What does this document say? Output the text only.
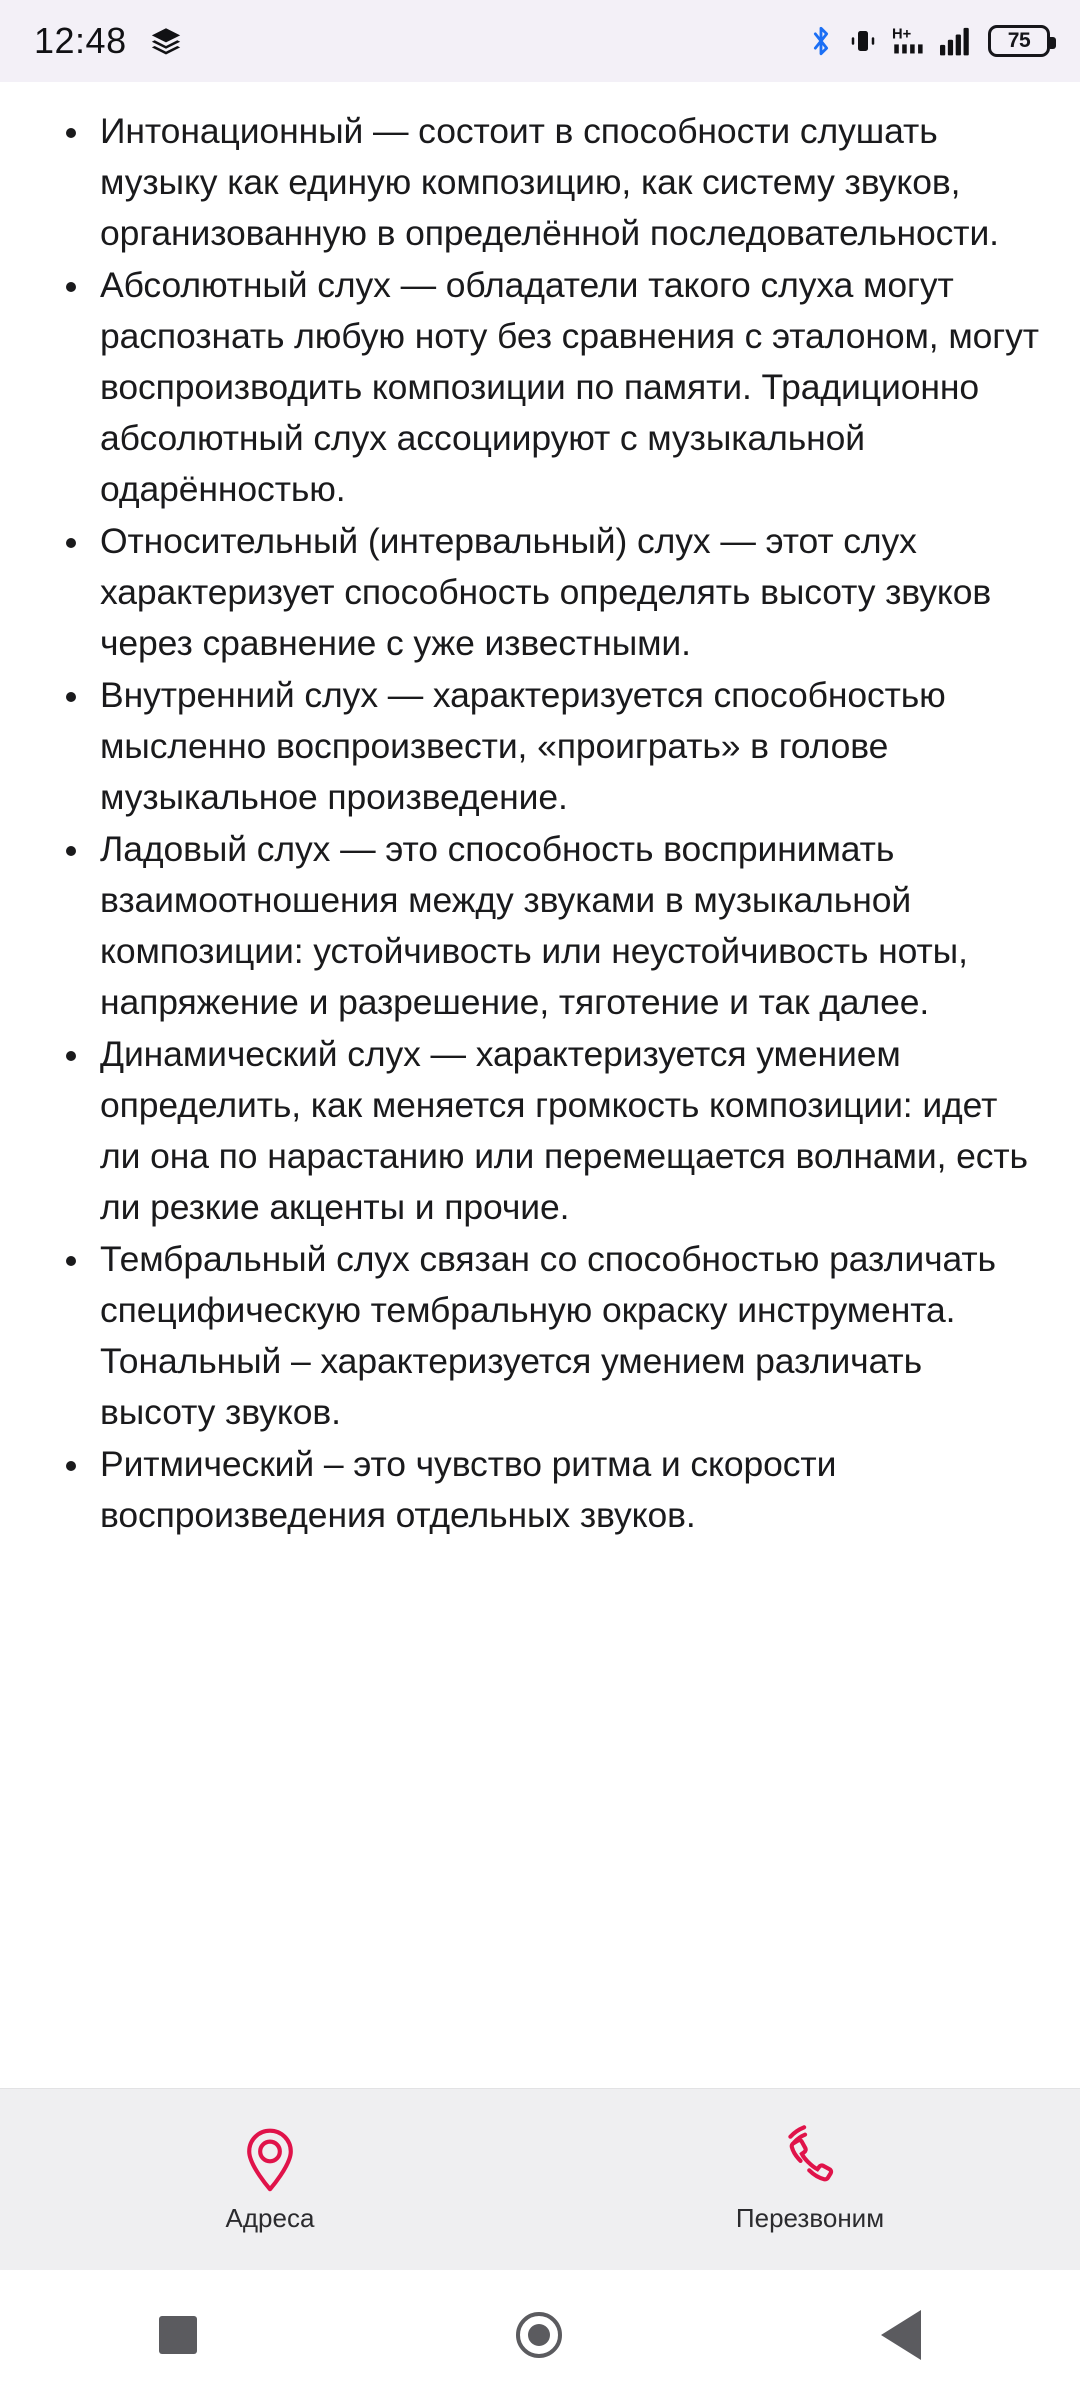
12:48	H+	75
Интонационный — состоит в способности слушать музыку как единую композицию, как систему звуков, организованную в определённой последовательности.
Абсолютный слух — обладатели такого слуха могут распознать любую ноту без сравнения с эталоном, могут воспроизводить композиции по памяти. Традиционно абсолютный слух ассоциируют с музыкальной одарённостью.
Относительный (интервальный) слух — этот слух характеризует способность определять высоту звуков через сравнение с уже известными.
Внутренний слух — характеризуется способностью мысленно воспроизвести, «проиграть» в голове музыкальное произведение.
Ладовый слух — это способность воспринимать взаимоотношения между звуками в музыкальной композиции: устойчивость или неустойчивость ноты, напряжение и разрешение, тяготение и так далее.
Динамический слух — характеризуется умением определить, как меняется громкость композиции: идет ли она по нарастанию или перемещается волнами, есть ли резкие акценты и прочие.
Тембральный слух связан со способностью различать специфическую тембральную окраску инструмента.
Тональный – характеризуется умением различать высоту звуков.
Ритмический – это чувство ритма и скорости воспроизведения отдельных звуков.
Адреса	Перезвоним
